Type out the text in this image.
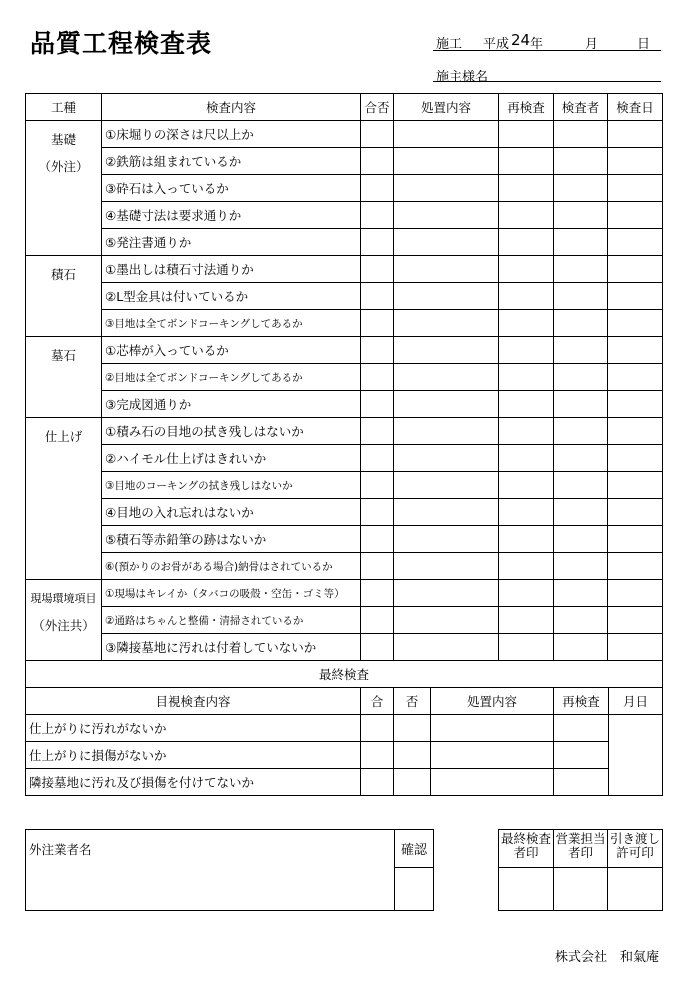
品質工程検査表	施工 平成 24 年	月	日
施主様名
工種	検査内容	合否	処置内容	再検査	検査者	検査日

基礎
（外注）	①床堀りの深さは尺以上か					
	②鉄筋は組まれているか					
	③砕石は入っているか					
	④基礎寸法は要求通りか					
	⑤発注書通りか					

積石	①墨出しは積石寸法通りか					
	②L型金具は付いているか					
	③目地は全てボンドコーキングしてあるか					

墓石	①芯棒が入っているか					
	②目地は全てボンドコーキングしてあるか					
	③完成図通りか					

仕上げ	①積み石の目地の拭き残しはないか					
	②ハイモル仕上げはきれいか					
	③目地のコーキングの拭き残しはないか					
	④目地の入れ忘れはないか					
	⑤積石等赤鉛筆の跡はないか					
	⑥(預かりのお骨がある場合)納骨はされているか					

現場環境項目
（外注共）	①現場はキレイか（タバコの吸殻・空缶・ゴミ等）					
	②通路はちゃんと整備・清掃されているか					
	③隣接墓地に汚れは付着していないか					
最終検査					
目視検査内容	合	否	処置内容	再検査	月日
仕上がりに汚れがないか					
仕上がりに損傷がないか					
隣接墓地に汚れ及び損傷を付けてないか					
外注業者名	確認

最終検査者印	営業担当者印	引き渡し許可印

株式会社　和氣庵
